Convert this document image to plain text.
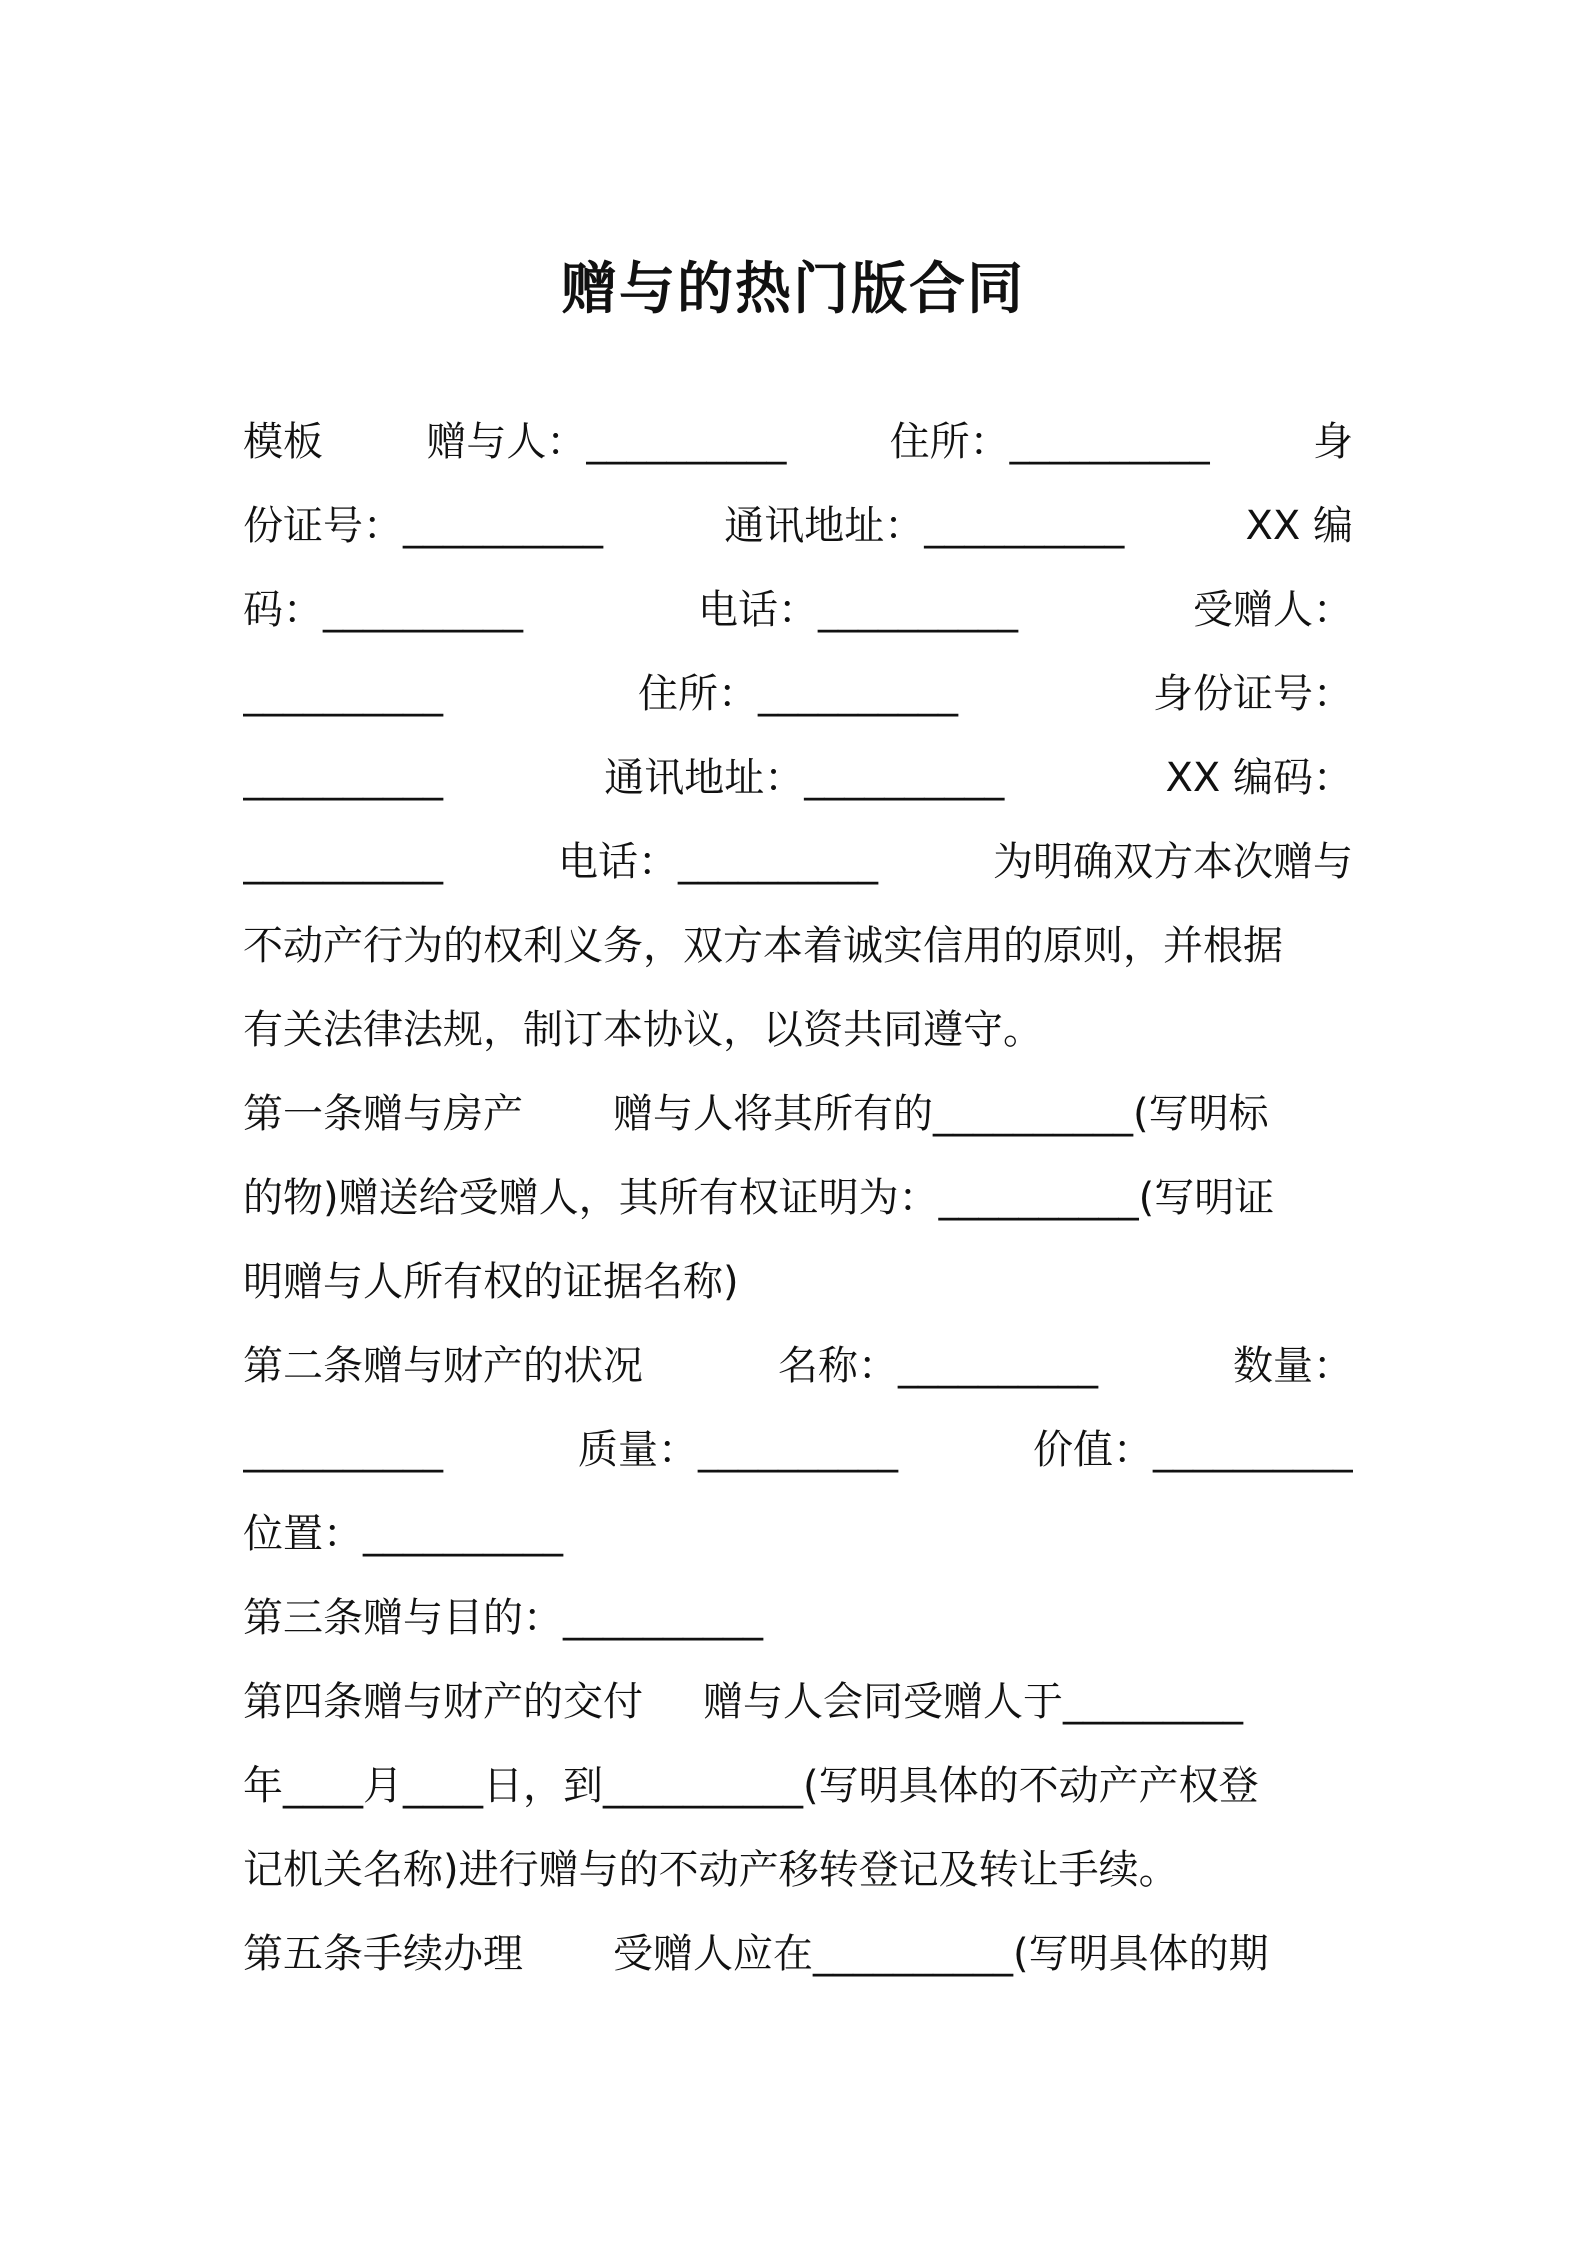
赠与的热门版合同
模板	赠与人：__________	住所：__________	身
份证号：__________	通讯地址：__________	XX 编
码：__________	电话：__________	受赠人：
__________	住所：__________	身份证号：
__________	通讯地址：__________	XX 编码：
__________	电话：__________	为明确双方本次赠与
不动产行为的权利义务，双方本着诚实信用的原则，并根据
有关法律法规，制订本协议，以资共同遵守。
第一条赠与房产 赠与人将其所有的__________(写明标
的物)赠送给受赠人，其所有权证明为：__________(写明证
明赠与人所有权的证据名称)
第二条赠与财产的状况	名称：__________	数量：
__________	质量：__________	价值：__________
位置：__________
第三条赠与目的：__________
第四条赠与财产的交付 赠与人会同受赠人于_________
年____月____日，到__________(写明具体的不动产产权登
记机关名称)进行赠与的不动产移转登记及转让手续。
第五条手续办理 受赠人应在__________(写明具体的期
